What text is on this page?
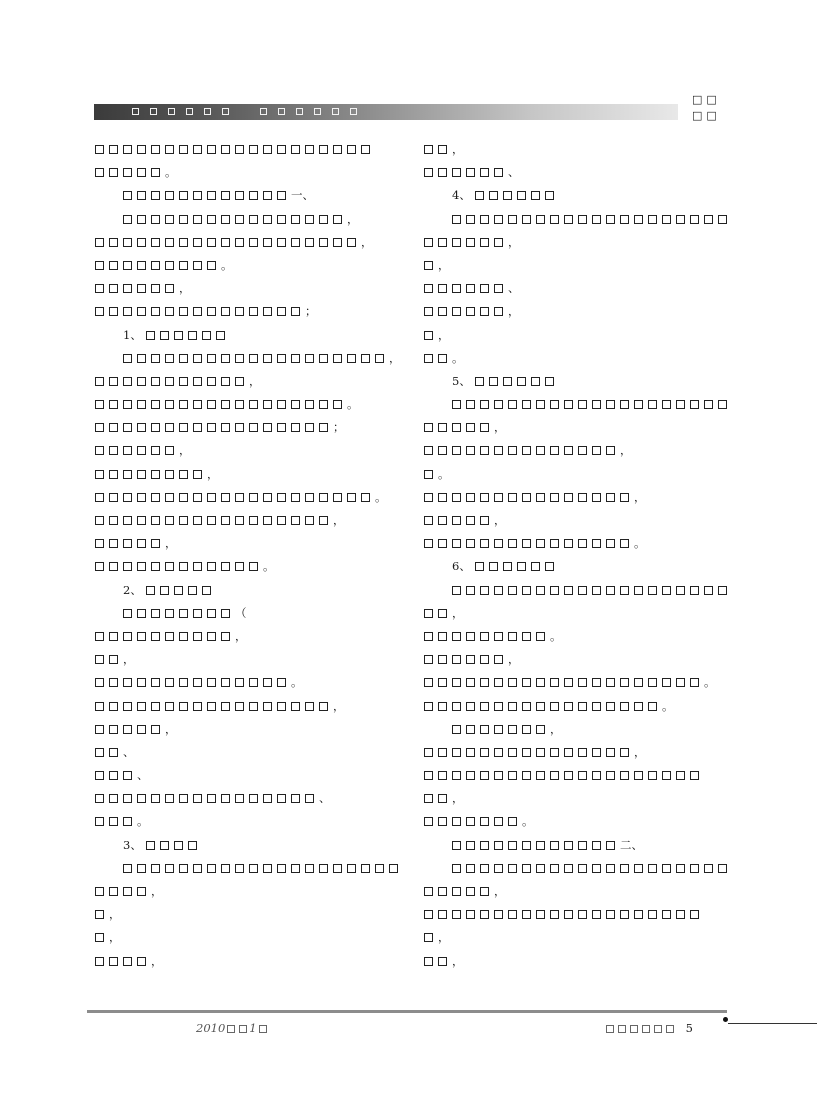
□□
□□
。
一、
，
，
。
，
；
1、
，
，
。
；
，
，
。
，
，
。
2、
（
，
，
。
，
，
、
、
、
。
3、
，
，
，
，
，
、
4、
，
，
、
，
，
。
5、
，
，
。
，
，
。
6、
，
。
，
。
。
，
，
，
。
二、
，
，
，
2010 1	5
